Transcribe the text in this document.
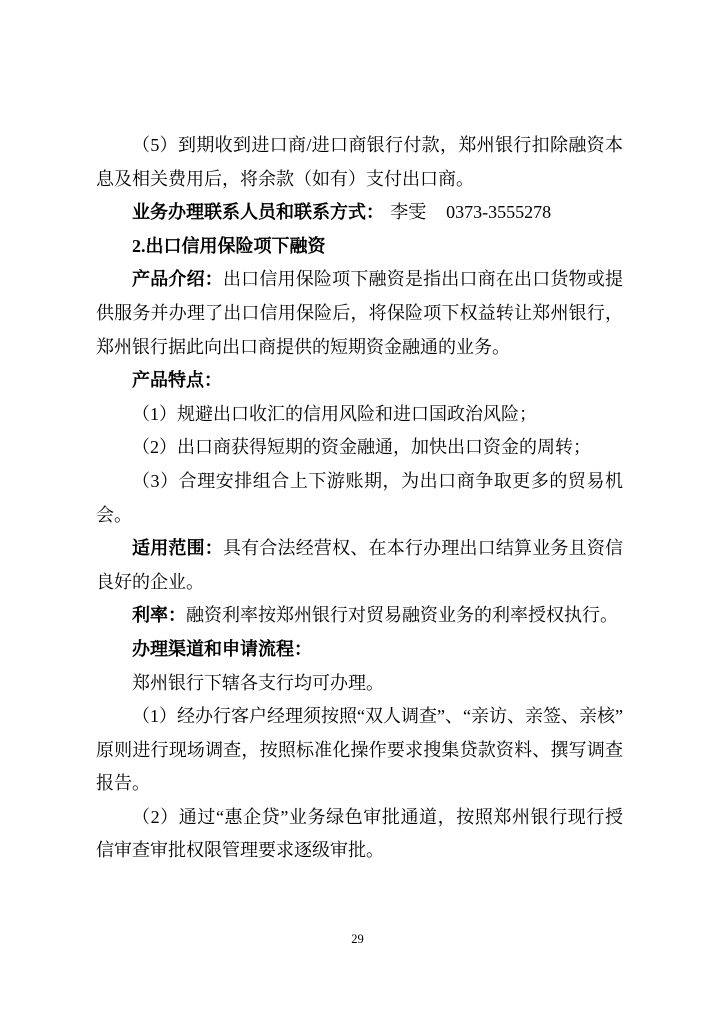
（5）到期收到进口商/进口商银行付款，郑州银行扣除融资本息及相关费用后，将余款（如有）支付出口商。

业务办理联系人员和联系方式： 李雯 0373-3555278

2.出口信用保险项下融资

产品介绍：出口信用保险项下融资是指出口商在出口货物或提供服务并办理了出口信用保险后，将保险项下权益转让郑州银行，郑州银行据此向出口商提供的短期资金融通的业务。

产品特点：

（1）规避出口收汇的信用风险和进口国政治风险；

（2）出口商获得短期的资金融通，加快出口资金的周转；

（3）合理安排组合上下游账期，为出口商争取更多的贸易机会。

适用范围：具有合法经营权、在本行办理出口结算业务且资信良好的企业。

利率：融资利率按郑州银行对贸易融资业务的利率授权执行。

办理渠道和申请流程：

郑州银行下辖各支行均可办理。

（1）经办行客户经理须按照“双人调查”、“亲访、亲签、亲核”原则进行现场调查，按照标准化操作要求搜集贷款资料、撰写调查报告。

（2）通过“惠企贷”业务绿色审批通道，按照郑州银行现行授信审查审批权限管理要求逐级审批。

29
